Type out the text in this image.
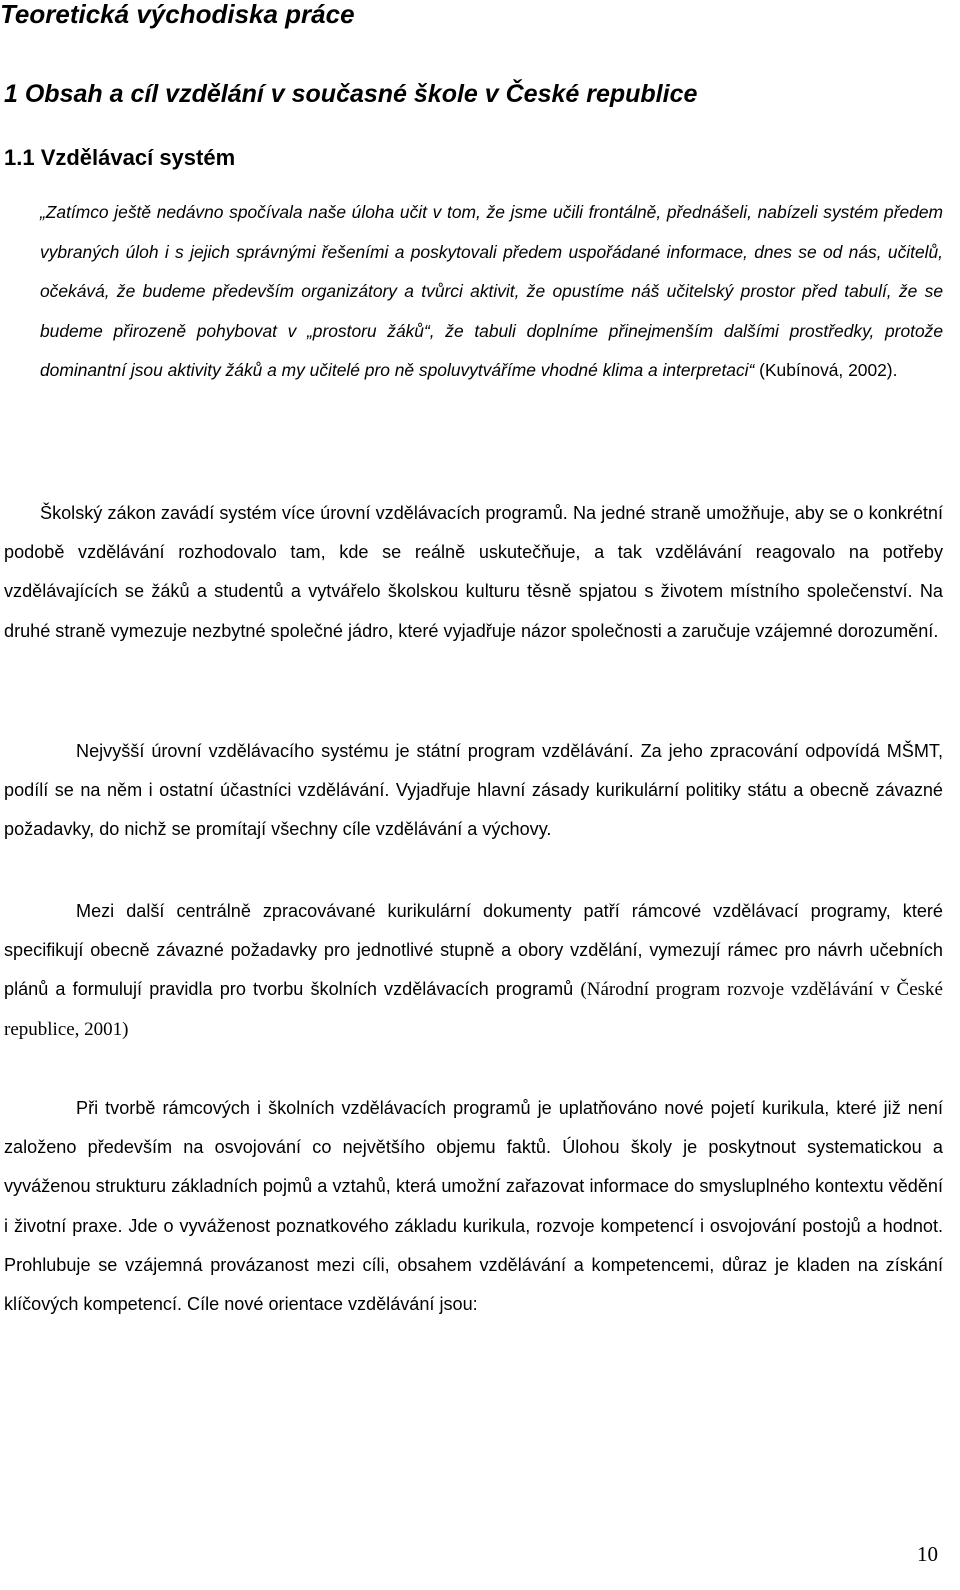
Teoretická východiska práce
1 Obsah a cíl vzdělání v současné škole v České republice
1.1 Vzdělávací systém

„Zatímco ještě nedávno spočívala naše úloha učit v tom, že jsme učili frontálně, přednášeli, nabízeli systém předem vybraných úloh i s jejich správnými řešeními a poskytovali předem uspořádané informace, dnes se od nás, učitelů, očekává, že budeme především organizátory a tvůrci aktivit, že opustíme náš učitelský prostor před tabulí, že se budeme přirozeně pohybovat v „prostoru žáků“, že tabuli doplníme přinejmenším dalšími prostředky, protože dominantní jsou aktivity žáků a my učitelé pro ně spoluvytváříme vhodné klima a interpretaci“ (Kubínová, 2002).

Školský zákon zavádí systém více úrovní vzdělávacích programů. Na jedné straně umožňuje, aby se o konkrétní podobě vzdělávání rozhodovalo tam, kde se reálně uskutečňuje, a tak vzdělávání reagovalo na potřeby vzdělávajících se žáků a studentů a vytvářelo školskou kulturu těsně spjatou s životem místního společenství. Na druhé straně vymezuje nezbytné společné jádro, které vyjadřuje názor společnosti a zaručuje vzájemné dorozumění.

Nejvyšší úrovní vzdělávacího systému je státní program vzdělávání. Za jeho zpracování odpovídá MŠMT, podílí se na něm i ostatní účastníci vzdělávání. Vyjadřuje hlavní zásady kurikulární politiky státu a obecně závazné požadavky, do nichž se promítají všechny cíle vzdělávání a výchovy.

Mezi další centrálně zpracovávané kurikulární dokumenty patří rámcové vzdělávací programy, které specifikují obecně závazné požadavky pro jednotlivé stupně a obory vzdělání, vymezují rámec pro návrh učebních plánů a formulují pravidla pro tvorbu školních vzdělávacích programů (Národní program rozvoje vzdělávání v České republice, 2001)

Při tvorbě rámcových i školních vzdělávacích programů je uplatňováno nové pojetí kurikula, které již není založeno především na osvojování co největšího objemu faktů. Úlohou školy je poskytnout systematickou a vyváženou strukturu základních pojmů a vztahů, která umožní zařazovat informace do smysluplného kontextu vědění i životní praxe. Jde o vyváženost poznatkového základu kurikula, rozvoje kompetencí i osvojování postojů a hodnot. Prohlubuje se vzájemná provázanost mezi cíli, obsahem vzdělávání a kompetencemi, důraz je kladen na získání klíčových kompetencí. Cíle nové orientace vzdělávání jsou:

10
